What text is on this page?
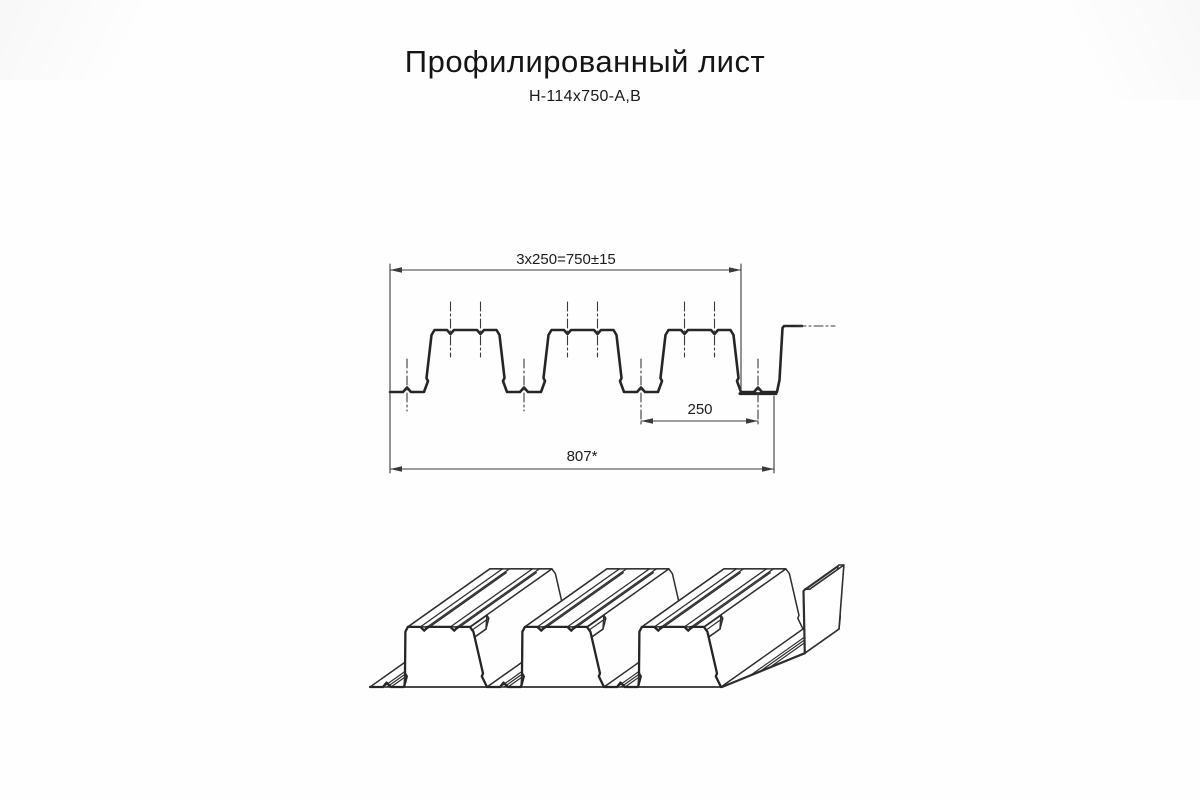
Профилированный лист
Н-114х750-А,В
3x250=750±15
250
807*
